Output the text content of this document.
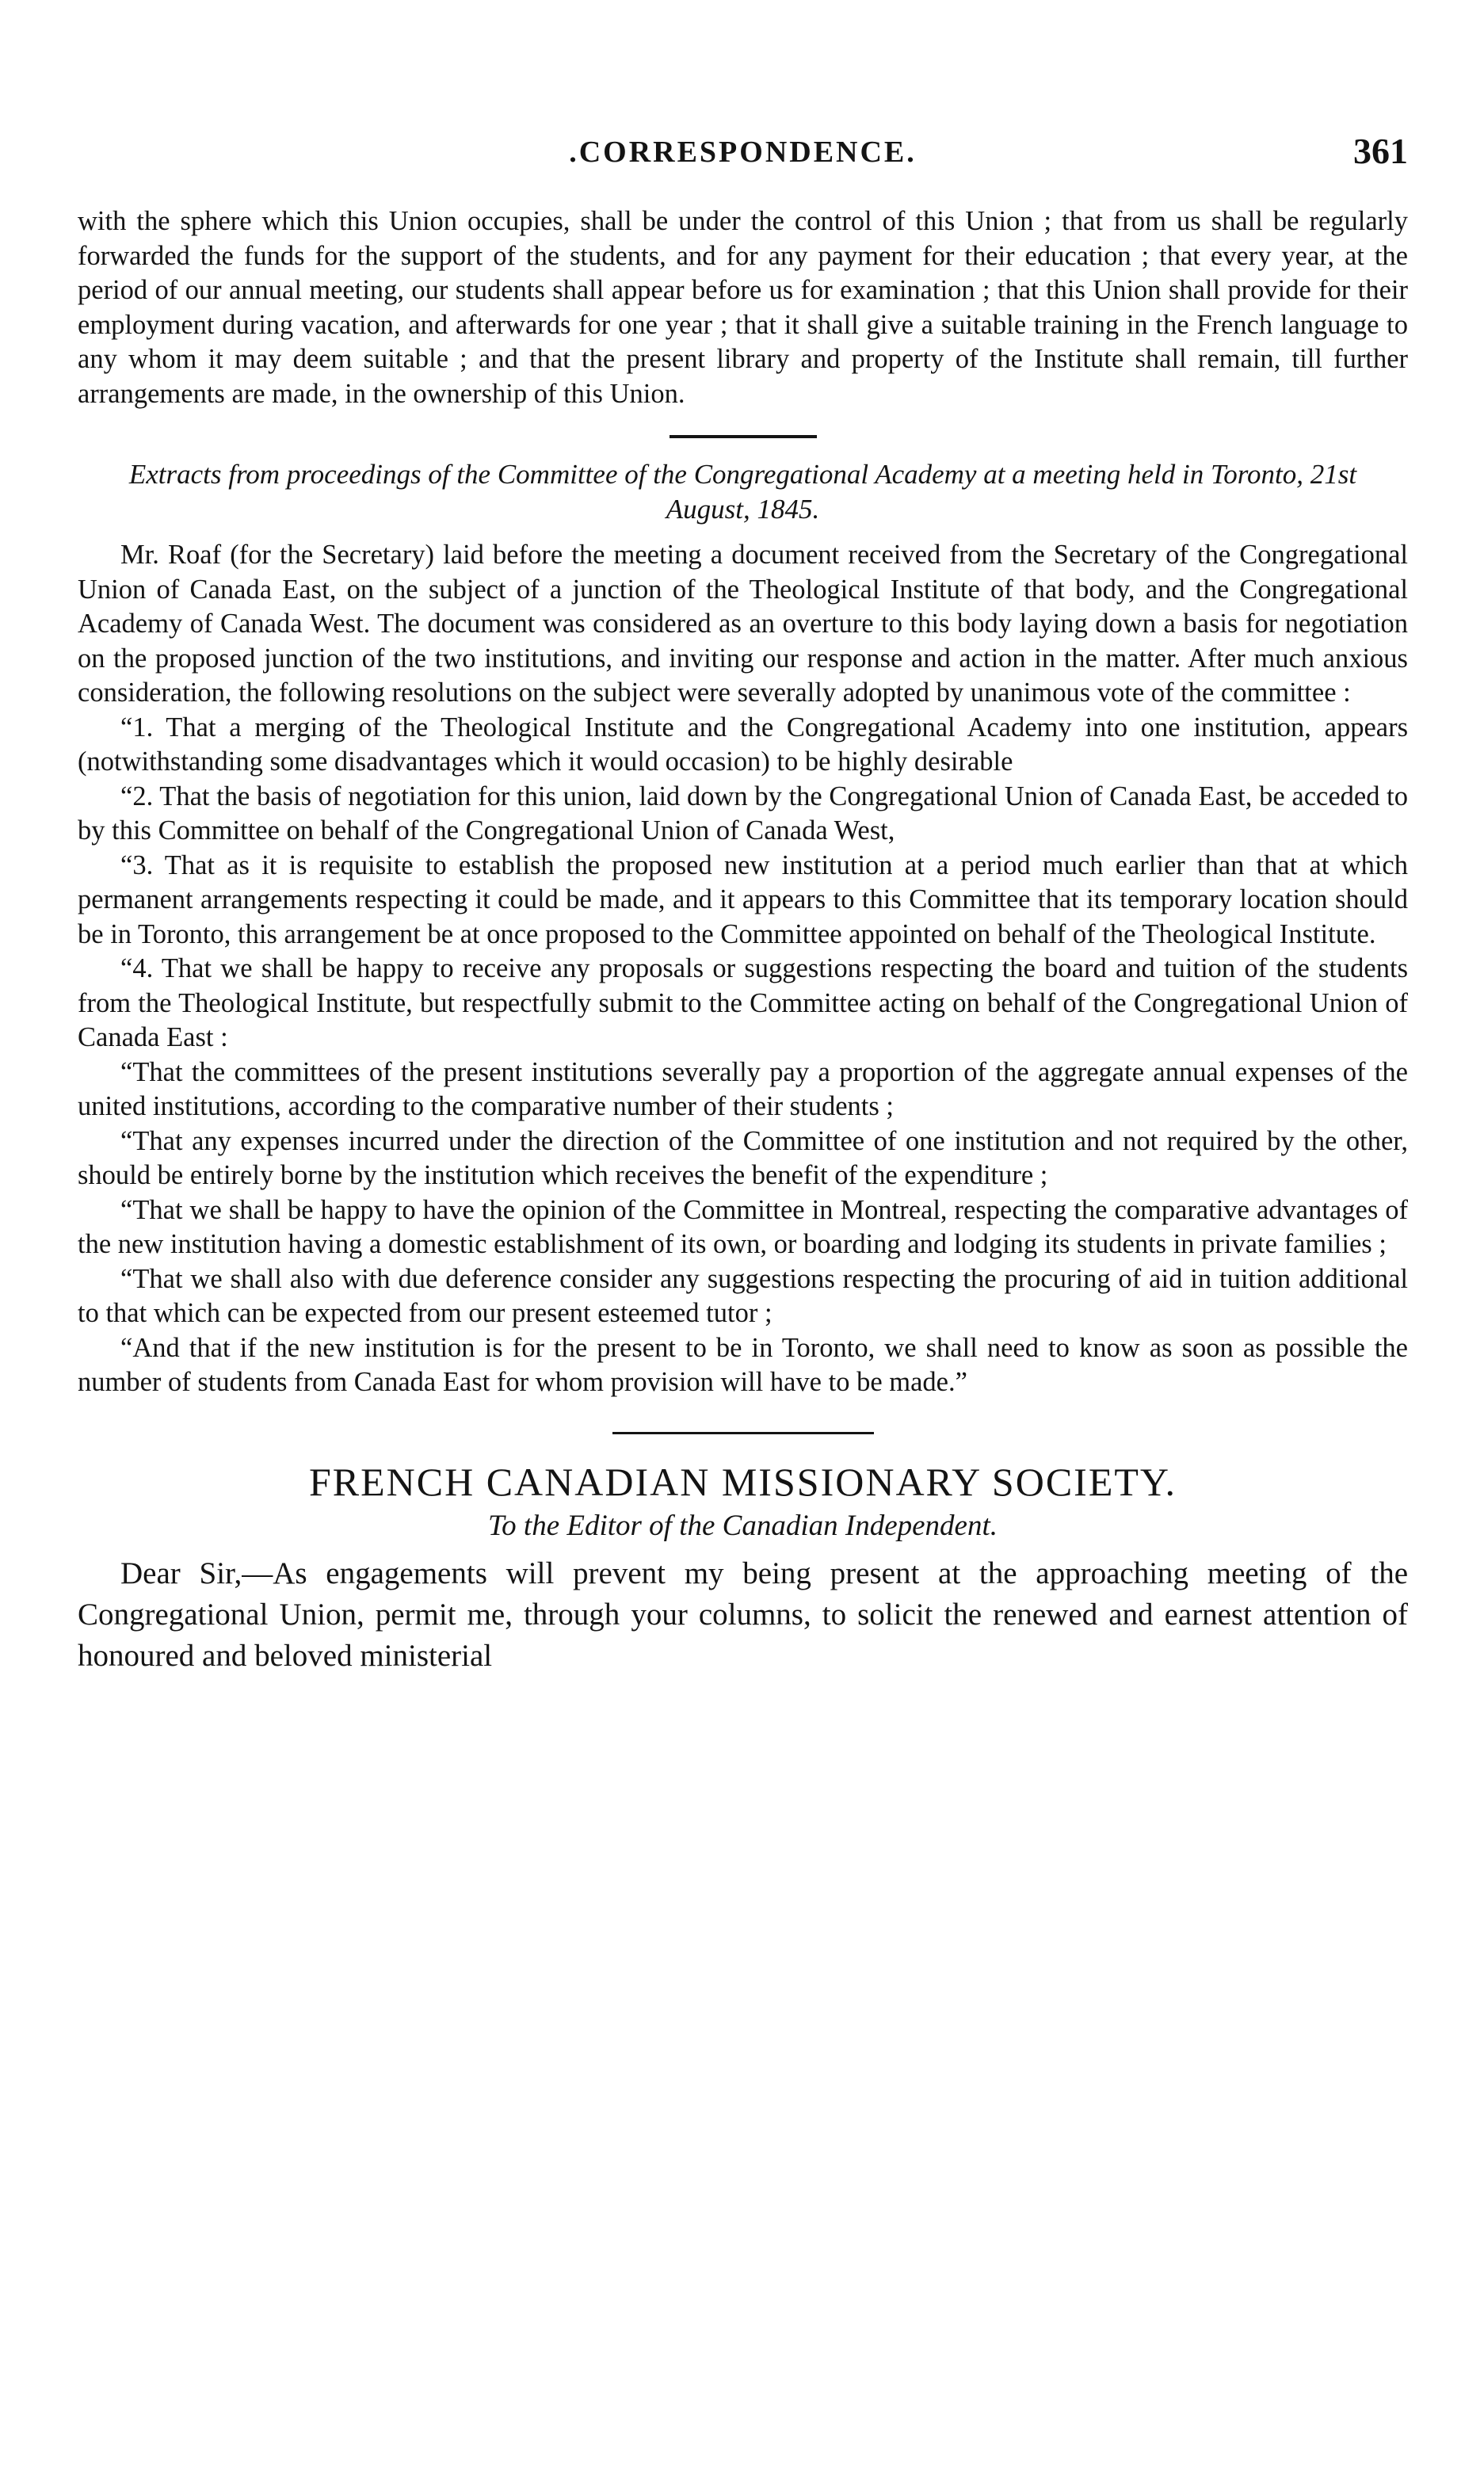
.CORRESPONDENCE.	361

with the sphere which this Union occupies, shall be under the control of this Union ; that from us shall be regularly forwarded the funds for the support of the students, and for any payment for their education ; that every year, at the period of our annual meeting, our students shall appear before us for examination ; that this Union shall provide for their employment during vacation, and afterwards for one year ; that it shall give a suitable training in the French language to any whom it may deem suitable ; and that the present library and property of the Institute shall remain, till further arrangements are made, in the ownership of this Union.

Extracts from proceedings of the Committee of the Congregational Academy at a meeting held in Toronto, 21st August, 1845.

Mr. Roaf (for the Secretary) laid before the meeting a document received from the Secretary of the Congregational Union of Canada East, on the subject of a junction of the Theological Institute of that body, and the Congregational Academy of Canada West. The document was considered as an overture to this body laying down a basis for negotiation on the proposed junction of the two institutions, and inviting our response and action in the matter. After much anxious consideration, the following resolutions on the subject were severally adopted by unanimous vote of the committee :

“1. That a merging of the Theological Institute and the Congregational Academy into one institution, appears (notwithstanding some disadvantages which it would occasion) to be highly desirable

“2. That the basis of negotiation for this union, laid down by the Congregational Union of Canada East, be acceded to by this Committee on behalf of the Congregational Union of Canada West,

“3. That as it is requisite to establish the proposed new institution at a period much earlier than that at which permanent arrangements respecting it could be made, and it appears to this Committee that its temporary location should be in Toronto, this arrangement be at once proposed to the Committee appointed on behalf of the Theological Institute.

“4. That we shall be happy to receive any proposals or suggestions respecting the board and tuition of the students from the Theological Institute, but respectfully submit to the Committee acting on behalf of the Congregational Union of Canada East :

“That the committees of the present institutions severally pay a proportion of the aggregate annual expenses of the united institutions, according to the comparative number of their students ;

“That any expenses incurred under the direction of the Committee of one institution and not required by the other, should be entirely borne by the institution which receives the benefit of the expenditure ;

“That we shall be happy to have the opinion of the Committee in Montreal, respecting the comparative advantages of the new institution having a domestic establishment of its own, or boarding and lodging its students in private families ;

“That we shall also with due deference consider any suggestions respecting the procuring of aid in tuition additional to that which can be expected from our present esteemed tutor ;

“And that if the new institution is for the present to be in Toronto, we shall need to know as soon as possible the number of students from Canada East for whom provision will have to be made.”

FRENCH CANADIAN MISSIONARY SOCIETY.
To the Editor of the Canadian Independent.

Dear Sir,—As engagements will prevent my being present at the approaching meeting of the Congregational Union, permit me, through your columns, to solicit the renewed and earnest attention of honoured and beloved ministerial
